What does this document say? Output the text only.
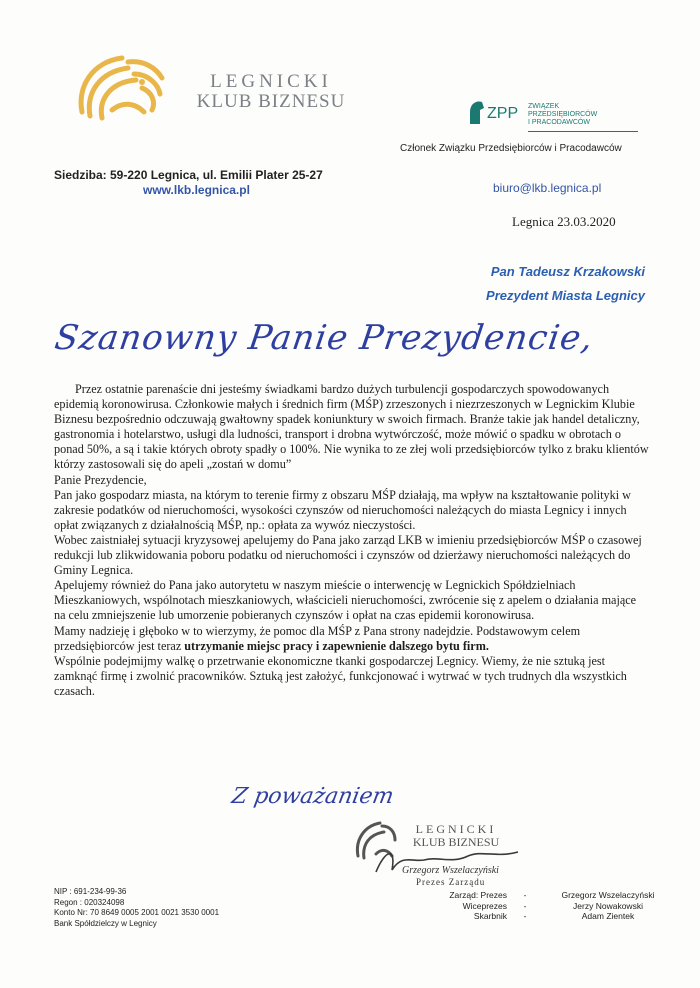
LEGNICKI
KLUB BIZNESU
ZPP ZWIĄZEK
PRZEDSIĘBIORCÓW
I PRACODAWCÓW
Członek Związku Przedsiębiorców i Pracodawców
Siedziba: 59-220 Legnica, ul. Emilii Plater 25-27
www.lkb.legnica.pl	biuro@lkb.legnica.pl
Legnica 23.03.2020
Pan Tadeusz Krzakowski
Prezydent Miasta Legnicy
Szanowny Panie Prezydencie,

Przez ostatnie parenaście dni jesteśmy świadkami bardzo dużych turbulencji gospodarczych spowodowanych epidemią koronowirusa. Członkowie małych i średnich firm (MŚP) zrzeszonych i niezrzeszonych w Legnickim Klubie Biznesu bezpośrednio odczuwają gwałtowny spadek koniunktury w swoich firmach. Branże takie jak handel detaliczny, gastronomia i hotelarstwo, usługi dla ludności, transport i drobna wytwórczość, może mówić o spadku w obrotach o ponad 50%, a są i takie których obroty spadły o 100%. Nie wynika to ze złej woli przedsiębiorców tylko z braku klientów którzy zastosowali się do apeli „zostań w domu”

Panie Prezydencie,

Pan jako gospodarz miasta, na którym to terenie firmy z obszaru MŚP działają, ma wpływ na kształtowanie polityki w zakresie podatków od nieruchomości, wysokości czynszów od nieruchomości należących do miasta Legnicy i innych opłat związanych z działalnością MŚP, np.: opłata za wywóz nieczystości.

Wobec zaistniałej sytuacji kryzysowej apelujemy do Pana jako zarząd LKB w imieniu przedsiębiorców MŚP o czasowej redukcji lub zlikwidowania poboru podatku od nieruchomości i czynszów od dzierżawy nieruchomości należących do Gminy Legnica.

Apelujemy również do Pana jako autorytetu w naszym mieście o interwencję w Legnickich Spółdzielniach Mieszkaniowych, wspólnotach mieszkaniowych, właścicieli nieruchomości, zwrócenie się z apelem o działania mające na celu zmniejszenie lub umorzenie pobieranych czynszów i opłat na czas epidemii koronowirusa.

Mamy nadzieję i głęboko w to wierzymy, że pomoc dla MŚP z Pana strony nadejdzie. Podstawowym celem przedsiębiorców jest teraz utrzymanie miejsc pracy i zapewnienie dalszego bytu firm.

Wspólnie podejmijmy walkę o przetrwanie ekonomiczne tkanki gospodarczej Legnicy. Wiemy, że nie sztuką jest zamknąć firmę i zwolnić pracowników. Sztuką jest założyć, funkcjonować i wytrwać w tych trudnych dla wszystkich czasach.

Z poważaniem
LEGNICKI
KLUB BIZNESU
Grzegorz Wszelaczyński
Prezes Zarządu
NIP : 691-234-99-36
Regon : 020324098
Konto Nr: 70 8649 0005 2001 0021 3530 0001
Bank Spółdzielczy w Legnicy
Zarząd: Prezes	-	Grzegorz Wszelaczyński
Wiceprezes	-	Jerzy Nowakowski
Skarbnik	-	Adam Zientek
